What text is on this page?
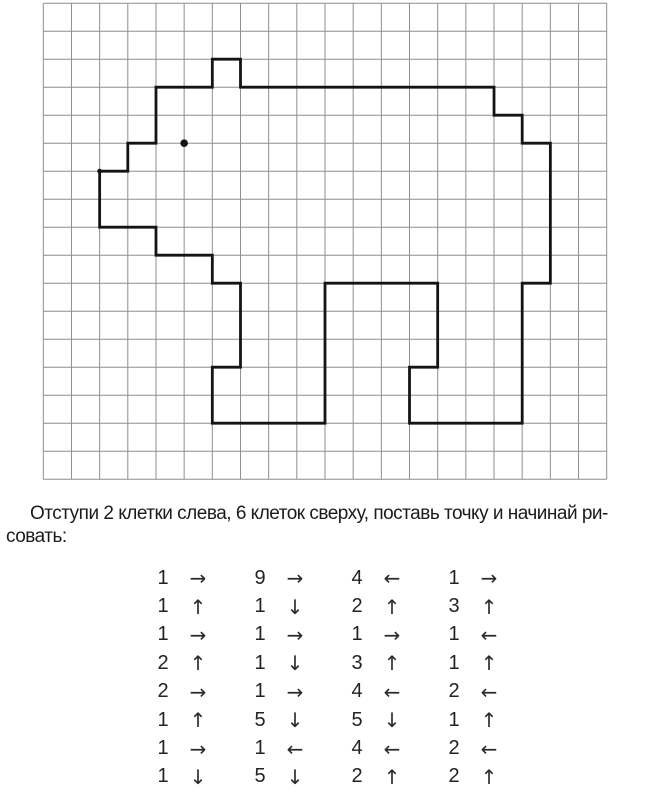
Отступи 2 клетки слева, 6 клеток сверху, поставь точку и начинай ри-
совать:
1	→	9	→	4	←	1	→
1	↑	1	↓	2	↑	3	↑
1	→	1	→	1	→	1	←
2	↑	1	↓	3	↑	1	↑
2	→	1	→	4	←	2	←
1	↑	5	↓	5	↓	1	↑
1	→	1	←	4	←	2	←
1	↓	5	↓	2	↑	2	↑
